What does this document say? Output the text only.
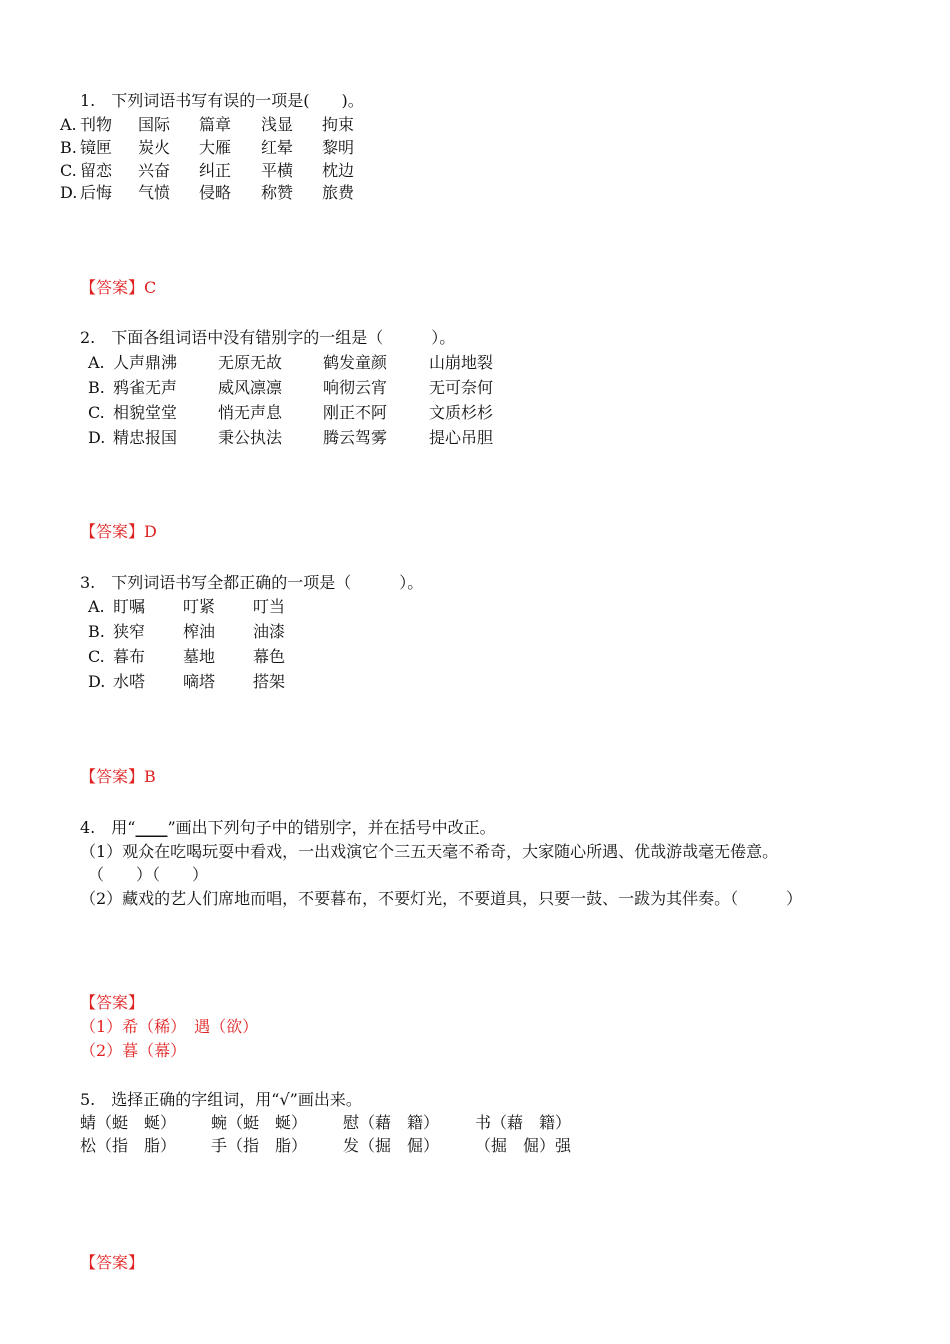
1.　下列词语书写有误的一项是(　　)。
A. 刊物 国际 篇章 浅显 拘束
B. 镜匣 炭火 大雁 红晕 黎明
C. 留恋 兴奋 纠正 平横 枕边
D. 后悔 气愤 侵略 称赞 旅费
【答案】C
2.　下面各组词语中没有错别字的一组是（　　　）。
A. 人声鼎沸	无原无故	鹤发童颜	山崩地裂
B. 鸦雀无声	威风凛凛	响彻云宵	无可奈何
C. 相貌堂堂	悄无声息	刚正不阿	文质杉杉
D. 精忠报国	秉公执法	腾云驾雾	提心吊胆
【答案】D
3.　下列词语书写全都正确的一项是（　　　）。
A. 盯嘱 叮紧 叮当
B. 狭窄 榨油 油漆
C. 暮布 墓地 幕色
D. 水嗒 嘀塔 搭架
【答案】B
4.　用“____”画出下列句子中的错别字，并在括号中改正。
（1）观众在吃喝玩耍中看戏，一出戏演它个三五天毫不希奇，大家随心所遇、优哉游哉毫无倦意。
（　　）（　　）
（2）藏戏的艺人们席地而唱，不要暮布，不要灯光，不要道具，只要一鼓、一跋为其伴奏。（　　　）
【答案】
（1）希（稀）　遇（欲）
（2）暮（幕）
5.　选择正确的字组词，用“√”画出来。
蜻（蜓　蜒） 蜿（蜓　蜒） 慰（藉　籍） 书（藉　籍）
松（指　脂） 手（指　脂） 发（掘　倔） （掘　倔）强
【答案】
